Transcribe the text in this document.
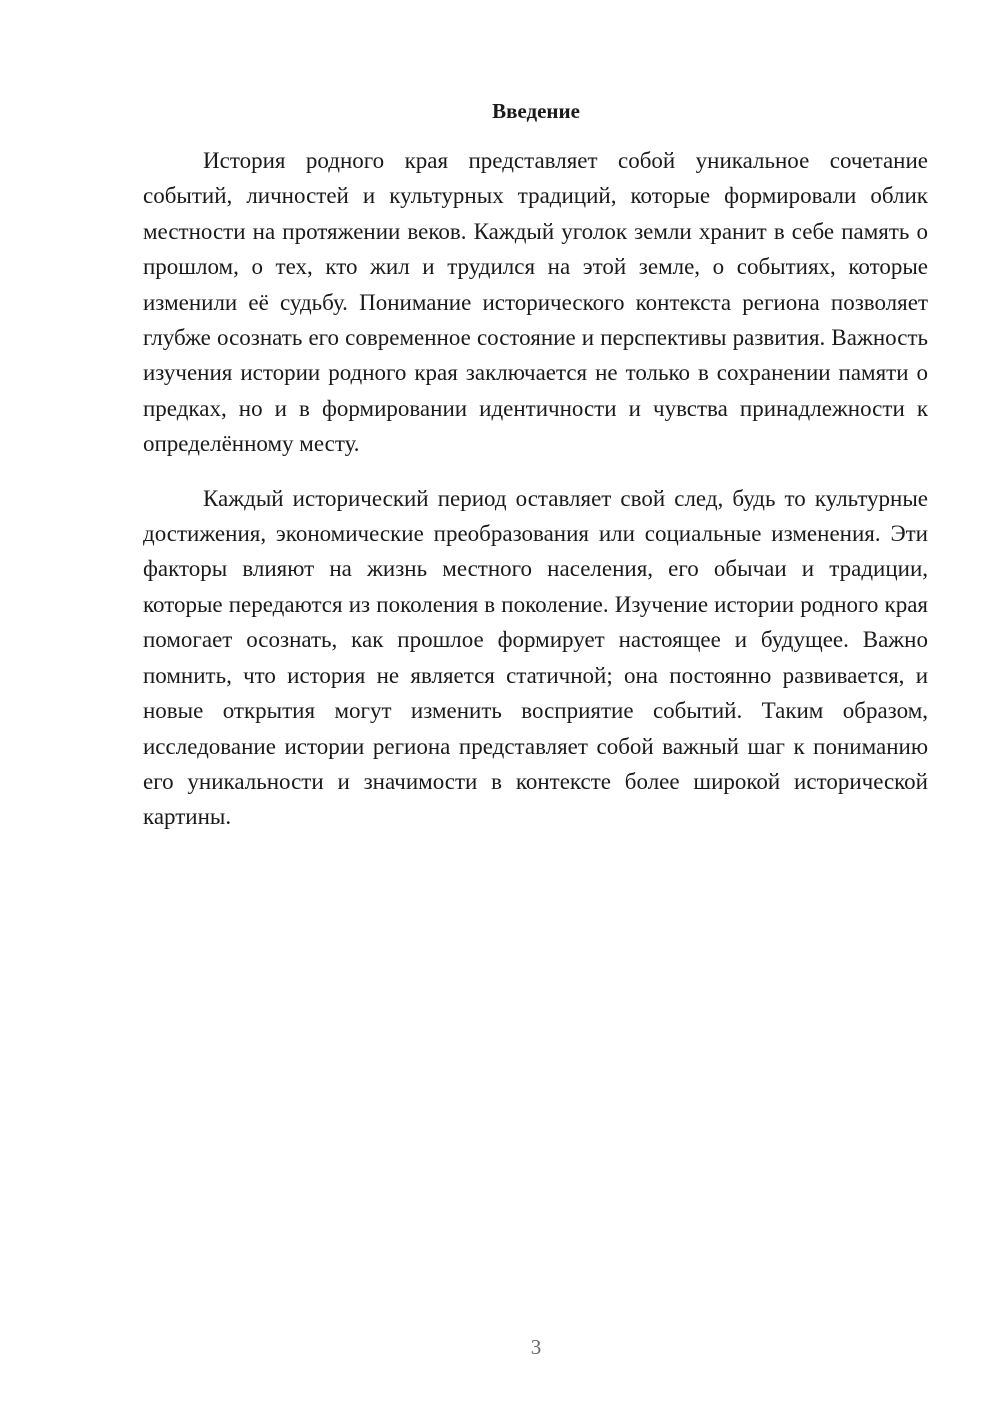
Введение

История родного края представляет собой уникальное сочетание событий, личностей и культурных традиций, которые формировали облик местности на протяжении веков. Каждый уголок земли хранит в себе память о прошлом, о тех, кто жил и трудился на этой земле, о событиях, которые изменили её судьбу. Понимание исторического контекста региона позволяет глубже осознать его современное состояние и перспективы развития. Важность изучения истории родного края заключается не только в сохранении памяти о предках, но и в формировании идентичности и чувства принадлежности к определённому месту.

Каждый исторический период оставляет свой след, будь то культурные достижения, экономические преобразования или социальные изменения. Эти факторы влияют на жизнь местного населения, его обычаи и традиции, которые передаются из поколения в поколение. Изучение истории родного края помогает осознать, как прошлое формирует настоящее и будущее. Важно помнить, что история не является статичной; она постоянно развивается, и новые открытия могут изменить восприятие событий. Таким образом, исследование истории региона представляет собой важный шаг к пониманию его уникальности и значимости в контексте более широкой исторической картины.

3
